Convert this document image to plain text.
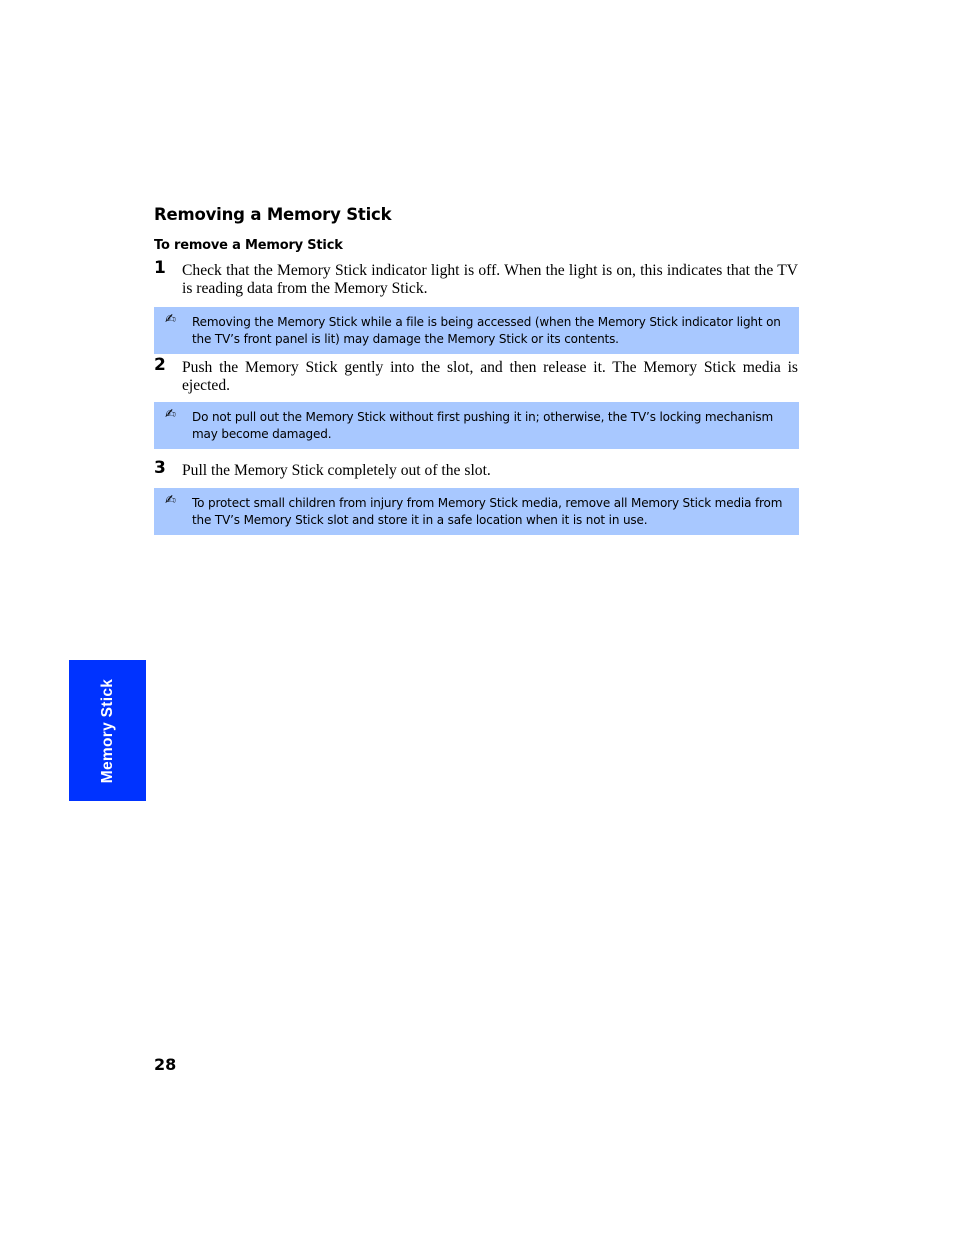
Removing a Memory Stick
To remove a Memory Stick
1 Check that the Memory Stick indicator light is off. When the light is on, this indicates that the TV is reading data from the Memory Stick.
✍ Removing the Memory Stick while a file is being accessed (when the Memory Stick indicator light on the TV’s front panel is lit) may damage the Memory Stick or its contents.
2 Push the Memory Stick gently into the slot, and then release it. The Memory Stick media is ejected.
✍ Do not pull out the Memory Stick without first pushing it in; otherwise, the TV’s locking mechanism may become damaged.
3 Pull the Memory Stick completely out of the slot.
✍ To protect small children from injury from Memory Stick media, remove all Memory Stick media from the TV’s Memory Stick slot and store it in a safe location when it is not in use.
Memory Stick
28
